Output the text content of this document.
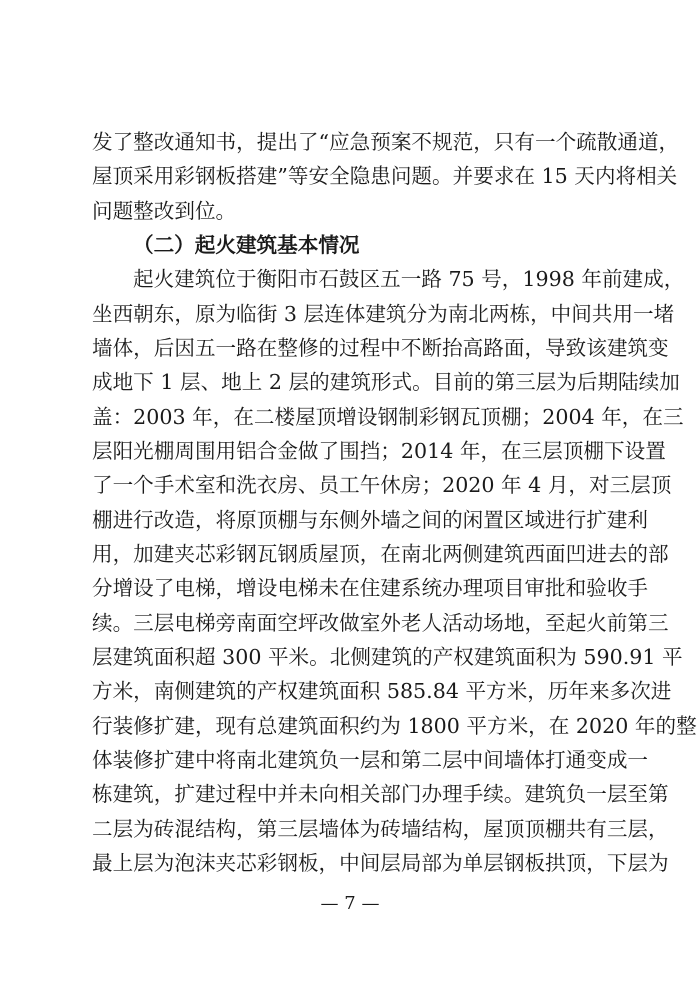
发了整改通知书，提出了“应急预案不规范，只有一个疏散通道，
屋顶采用彩钢板搭建”等安全隐患问题。并要求在 15 天内将相关
问题整改到位。
（二）起火建筑基本情况
起火建筑位于衡阳市石鼓区五一路 75 号，1998 年前建成，
坐西朝东，原为临街 3 层连体建筑分为南北两栋，中间共用一堵
墙体，后因五一路在整修的过程中不断抬高路面，导致该建筑变
成地下 1 层、地上 2 层的建筑形式。目前的第三层为后期陆续加
盖：2003 年，在二楼屋顶增设钢制彩钢瓦顶棚；2004 年，在三
层阳光棚周围用铝合金做了围挡；2014 年，在三层顶棚下设置
了一个手术室和洗衣房、员工午休房；2020 年 4 月，对三层顶
棚进行改造，将原顶棚与东侧外墙之间的闲置区域进行扩建利
用，加建夹芯彩钢瓦钢质屋顶，在南北两侧建筑西面凹进去的部
分增设了电梯，增设电梯未在住建系统办理项目审批和验收手
续。三层电梯旁南面空坪改做室外老人活动场地，至起火前第三
层建筑面积超 300 平米。北侧建筑的产权建筑面积为 590.91 平
方米，南侧建筑的产权建筑面积 585.84 平方米，历年来多次进
行装修扩建，现有总建筑面积约为 1800 平方米，在 2020 年的整
体装修扩建中将南北建筑负一层和第二层中间墙体打通变成一
栋建筑，扩建过程中并未向相关部门办理手续。建筑负一层至第
二层为砖混结构，第三层墙体为砖墙结构，屋顶顶棚共有三层，
最上层为泡沫夹芯彩钢板，中间层局部为单层钢板拱顶，下层为
— 7 —
